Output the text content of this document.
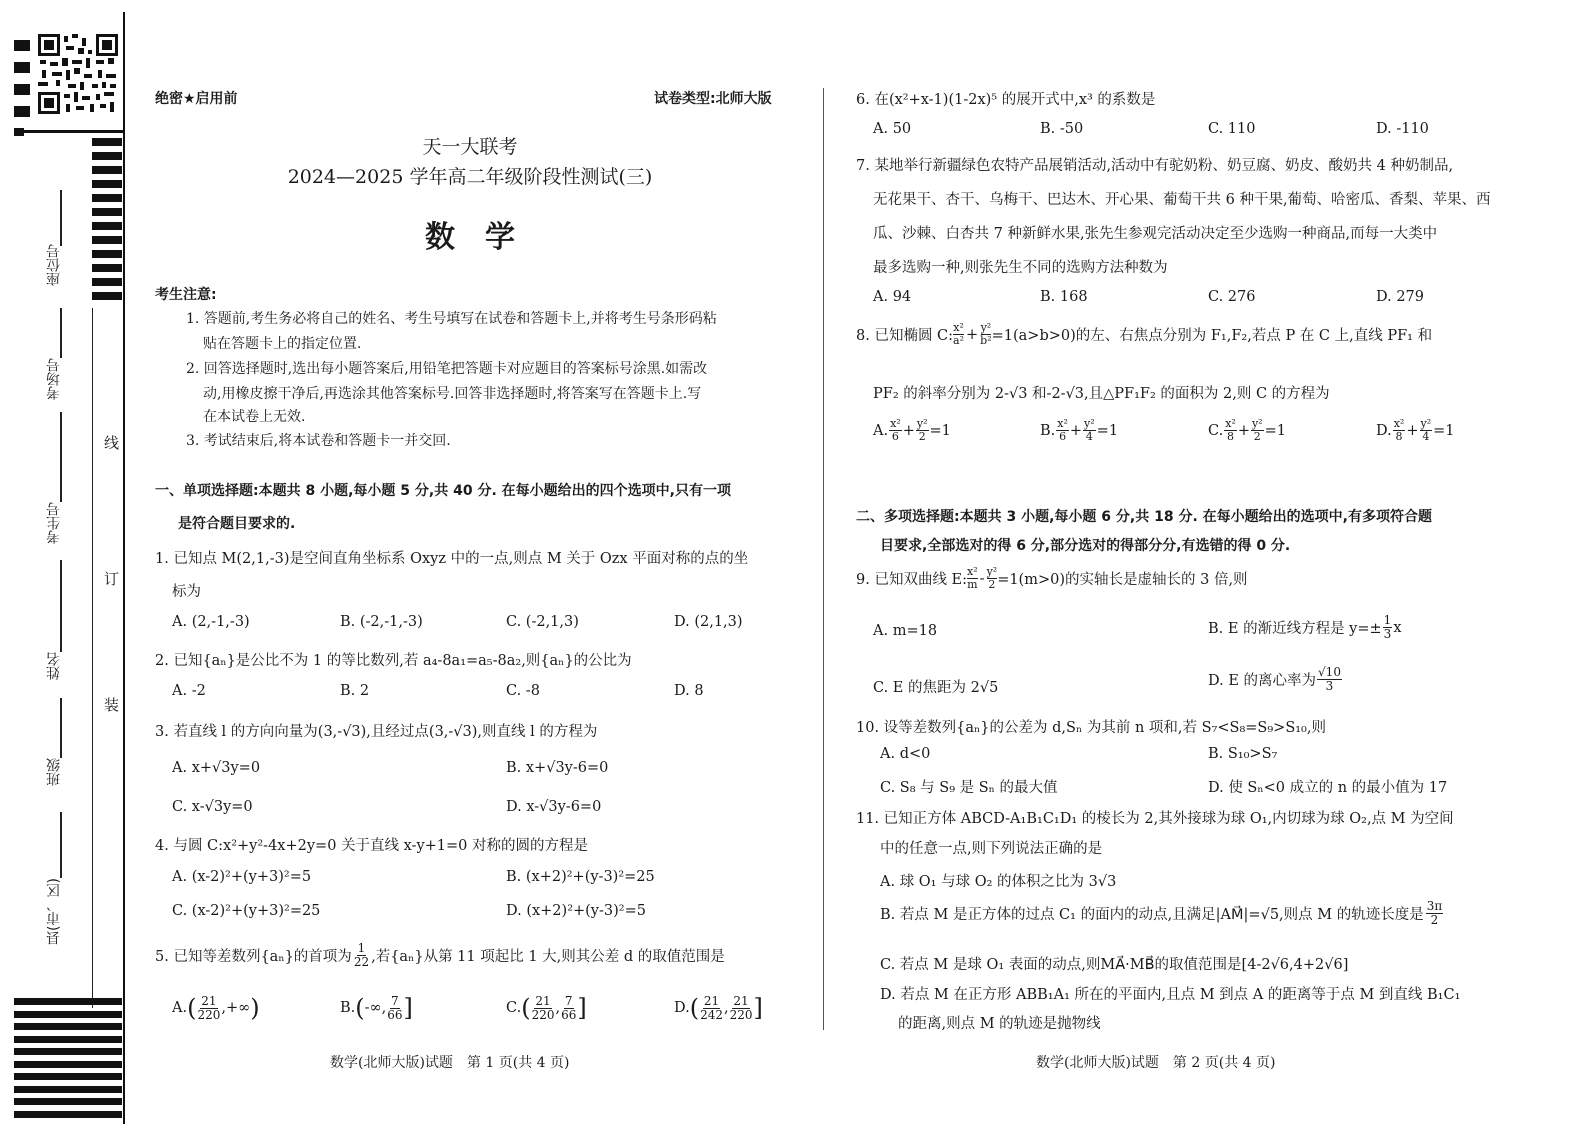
座位号
考场号
考生号
姓名
班级
县(市、区)
线
订
装
绝密★启用前	试卷类型:北师大版
天一大联考
2024—2025 学年高二年级阶段性测试(三)
数　学
考生注意:
1. 答题前,考生务必将自己的姓名、考生号填写在试卷和答题卡上,并将考生号条形码粘
贴在答题卡上的指定位置.
2. 回答选择题时,选出每小题答案后,用铅笔把答题卡对应题目的答案标号涂黑.如需改
动,用橡皮擦干净后,再选涂其他答案标号.回答非选择题时,将答案写在答题卡上.写
在本试卷上无效.
3. 考试结束后,将本试卷和答题卡一并交回.
一、单项选择题:本题共 8 小题,每小题 5 分,共 40 分. 在每小题给出的四个选项中,只有一项
是符合题目要求的.
1. 已知点 M(2,1,-3)是空间直角坐标系 Oxyz 中的一点,则点 M 关于 Ozx 平面对称的点的坐
标为
A. (2,-1,-3)	B. (-2,-1,-3)	C. (-2,1,3)	D. (2,1,3)
2. 已知{aₙ}是公比不为 1 的等比数列,若 a₄-8a₁=a₅-8a₂,则{aₙ}的公比为
A. -2	B. 2	C. -8	D. 8
3. 若直线 l 的方向向量为(3,-√3),且经过点(3,-√3),则直线 l 的方程为
A. x+√3y=0	B. x+√3y-6=0
C. x-√3y=0	D. x-√3y-6=0
4. 与圆 C:x²+y²-4x+2y=0 关于直线 x-y+1=0 对称的圆的方程是
A. (x-2)²+(y+3)²=5	B. (x+2)²+(y-3)²=25
C. (x-2)²+(y+3)²=25	D. (x+2)²+(y-3)²=5
5. 已知等差数列{aₙ}的首项为 $\frac{1}{22}$ ,若{aₙ}从第 11 项起比 1 大,则其公差 d 的取值范围是
A. ( $\frac{21}{220}$ , +∞ )	B. ( -∞, $\frac{7}{66}$ ]	C. ( $\frac{21}{220}$ , $\frac{7}{66}$ ]	D. ( $\frac{21}{242}$ , $\frac{21}{220}$ ]
数学(北师大版)试题　第 1 页(共 4 页)
6. 在(x²+x-1)(1-2x)⁵ 的展开式中,x³ 的系数是
A. 50	B. -50	C. 110	D. -110
7. 某地举行新疆绿色农特产品展销活动,活动中有驼奶粉、奶豆腐、奶皮、酸奶共 4 种奶制品,
无花果干、杏干、乌梅干、巴达木、开心果、葡萄干共 6 种干果,葡萄、哈密瓜、香梨、苹果、西
瓜、沙棘、白杏共 7 种新鲜水果,张先生参观完活动决定至少选购一种商品,而每一大类中
最多选购一种,则张先生不同的选购方法种数为
A. 94	B. 168	C. 276	D. 279
8. 已知椭圆 C: $\frac{\text{x²}}{\text{a²}} + \frac{\text{y²}}{\text{b²}} =1(a>b>0)$的左、右焦点分别为 F₁,F₂,若点 P 在 C 上,直线 PF₁ 和
PF₂ 的斜率分别为 2-√3 和-2-√3,且△PF₁F₂ 的面积为 2,则 C 的方程为
A. $\frac{\text{x²}}{6} + \frac{\text{y²}}{2} =1$	B. $\frac{\text{x²}}{6} + \frac{\text{y²}}{4} =1$	C. $\frac{\text{x²}}{8} + \frac{\text{y²}}{2} =1$	D. $\frac{\text{x²}}{8} + \frac{\text{y²}}{4} =1$
二、多项选择题:本题共 3 小题,每小题 6 分,共 18 分. 在每小题给出的选项中,有多项符合题
目要求,全部选对的得 6 分,部分选对的得部分分,有选错的得 0 分.
9. 已知双曲线 E: $\frac{\text{x²}}{m} - \frac{\text{y²}}{2} =1(m>0)$的实轴长是虚轴长的 3 倍,则
A. m=18	B. E 的渐近线方程是 $y=\pm \frac{1}{3}$ x
C. E 的焦距为 2√5	D. E 的离心率为 $\frac{√10}{3}$
10. 设等差数列{aₙ}的公差为 d,Sₙ 为其前 n 项和,若 S₇<S₈=S₉>S₁₀,则
A. d<0	B. S₁₀>S₇
C. S₈ 与 S₉ 是 Sₙ 的最大值	D. 使 Sₙ<0 成立的 n 的最小值为 17
11. 已知正方体 ABCD-A₁B₁C₁D₁ 的棱长为 2,其外接球为球 O₁,内切球为球 O₂,点 M 为空间
中的任意一点,则下列说法正确的是
A. 球 O₁ 与球 O₂ 的体积之比为 3√3
B. 若点 M 是正方体的过点 C₁ 的面内的动点,且满足|AM⃗|=√5,则点 M 的轨迹长度是 $\frac{3\pi}{2}$
C. 若点 M 是球 O₁ 表面的动点,则MA⃗·MB⃗的取值范围是[4-2√6,4+2√6]
D. 若点 M 在正方形 ABB₁A₁ 所在的平面内,且点 M 到点 A 的距离等于点 M 到直线 B₁C₁
的距离,则点 M 的轨迹是抛物线
数学(北师大版)试题　第 2 页(共 4 页)
